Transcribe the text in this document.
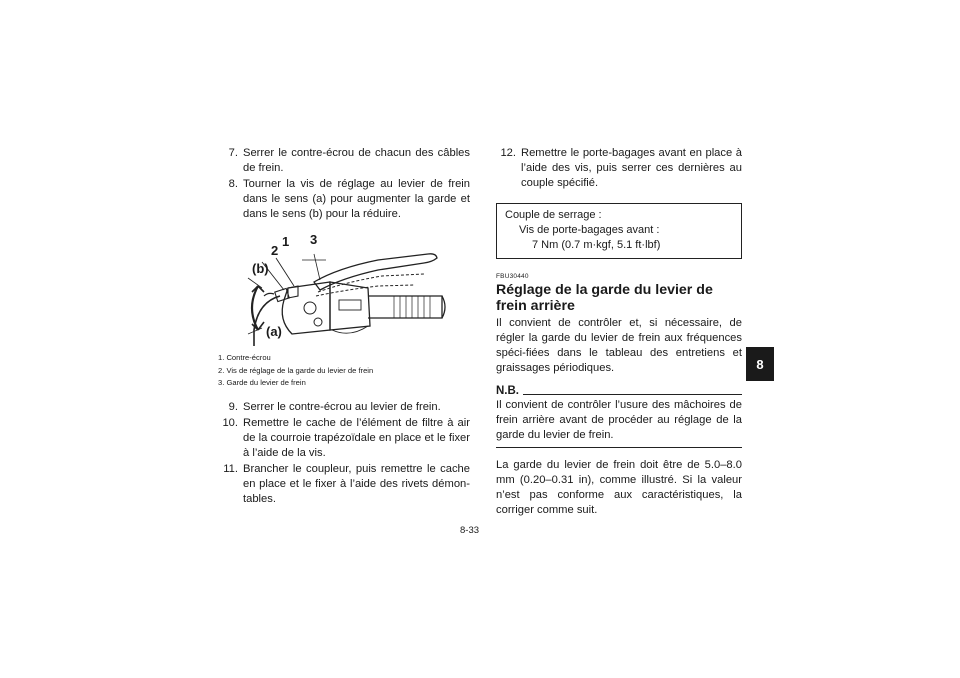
7. Serrer le contre-écrou de chacun des câbles de frein.
8. Tourner la vis de réglage au levier de frein dans le sens (a) pour augmenter la garde et dans le sens (b) pour la réduire.
1
2
3
(b)
(a)
1. Contre-écrou
2. Vis de réglage de la garde du levier de frein
3. Garde du levier de frein
9. Serrer le contre-écrou au levier de frein.
10. Remettre le cache de l’élément de filtre à air de la courroie trapézoïdale en place et le fixer à l’aide de la vis.
11. Brancher le coupleur, puis remettre le cache en place et le fixer à l’aide des rivets démon-tables.
12. Remettre le porte-bagages avant en place à l’aide des vis, puis serrer ces dernières au couple spécifié.
Couple de serrage :
Vis de porte-bagages avant :
7 Nm (0.7 m·kgf, 5.1 ft·lbf)
FBU30440
Réglage de la garde du levier de frein arrière

Il convient de contrôler et, si nécessaire, de régler la garde du levier de frein aux fréquences spéci-fiées dans le tableau des entretiens et graissages périodiques.

N.B.

Il convient de contrôler l’usure des mâchoires de frein arrière avant de procéder au réglage de la garde du levier de frein.

La garde du levier de frein doit être de 5.0–8.0 mm (0.20–0.31 in), comme illustré. Si la valeur n’est pas conforme aux caractéristiques, la corriger comme suit.

8
8-33
